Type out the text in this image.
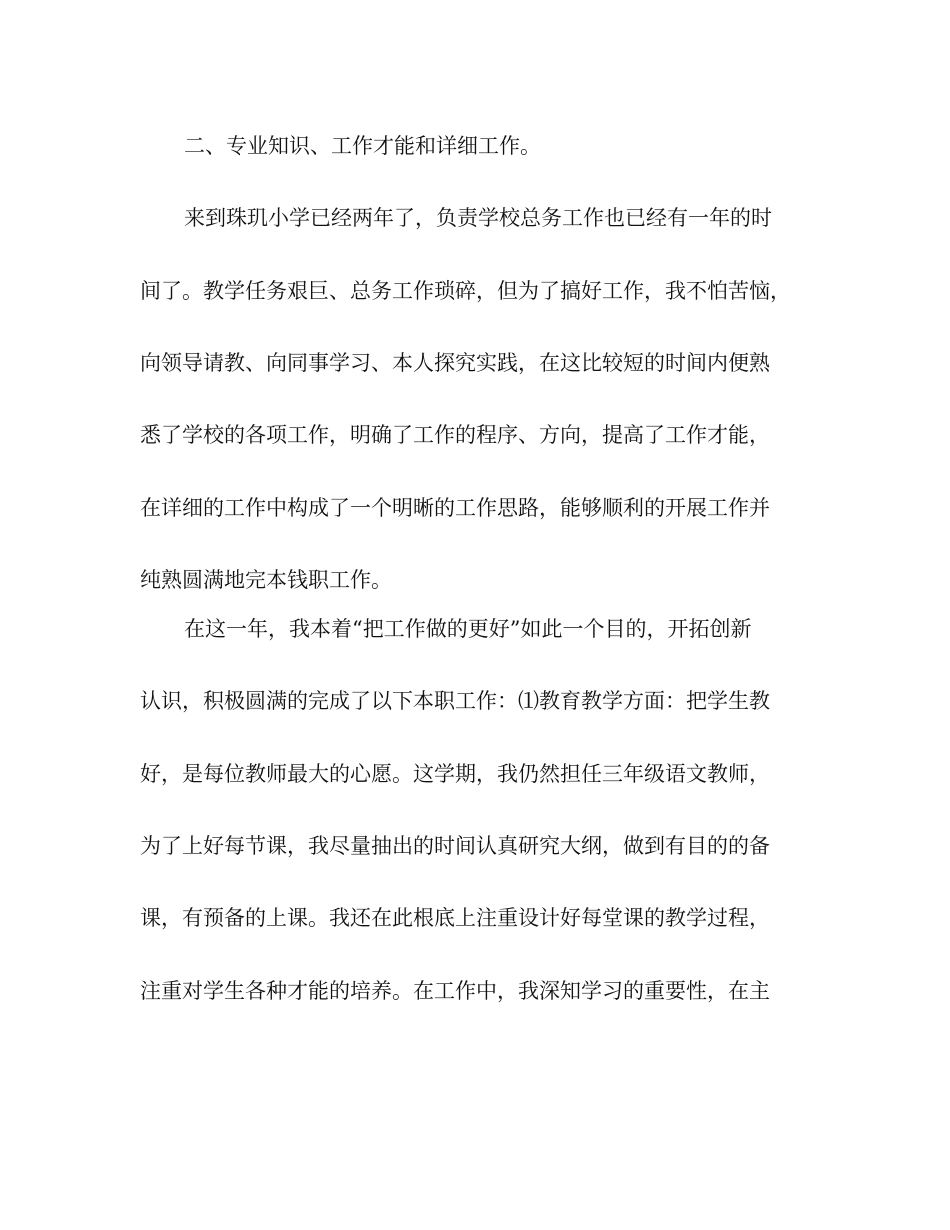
二、专业知识、工作才能和详细工作。
来到珠玑小学已经两年了，负责学校总务工作也已经有一年的时
间了。教学任务艰巨、总务工作琐碎，但为了搞好工作，我不怕苦恼，
向领导请教、向同事学习、本人探究实践，在这比较短的时间内便熟
悉了学校的各项工作，明确了工作的程序、方向，提高了工作才能，
在详细的工作中构成了一个明晰的工作思路，能够顺利的开展工作并
纯熟圆满地完本钱职工作。
在这一年，我本着“把工作做的更好”如此一个目的，开拓创新
认识，积极圆满的完成了以下本职工作：⑴教育教学方面：把学生教
好，是每位教师最大的心愿。这学期，我仍然担任三年级语文教师，
为了上好每节课，我尽量抽出的时间认真研究大纲，做到有目的的备
课，有预备的上课。我还在此根底上注重设计好每堂课的教学过程，
注重对学生各种才能的培养。在工作中，我深知学习的重要性，在主
